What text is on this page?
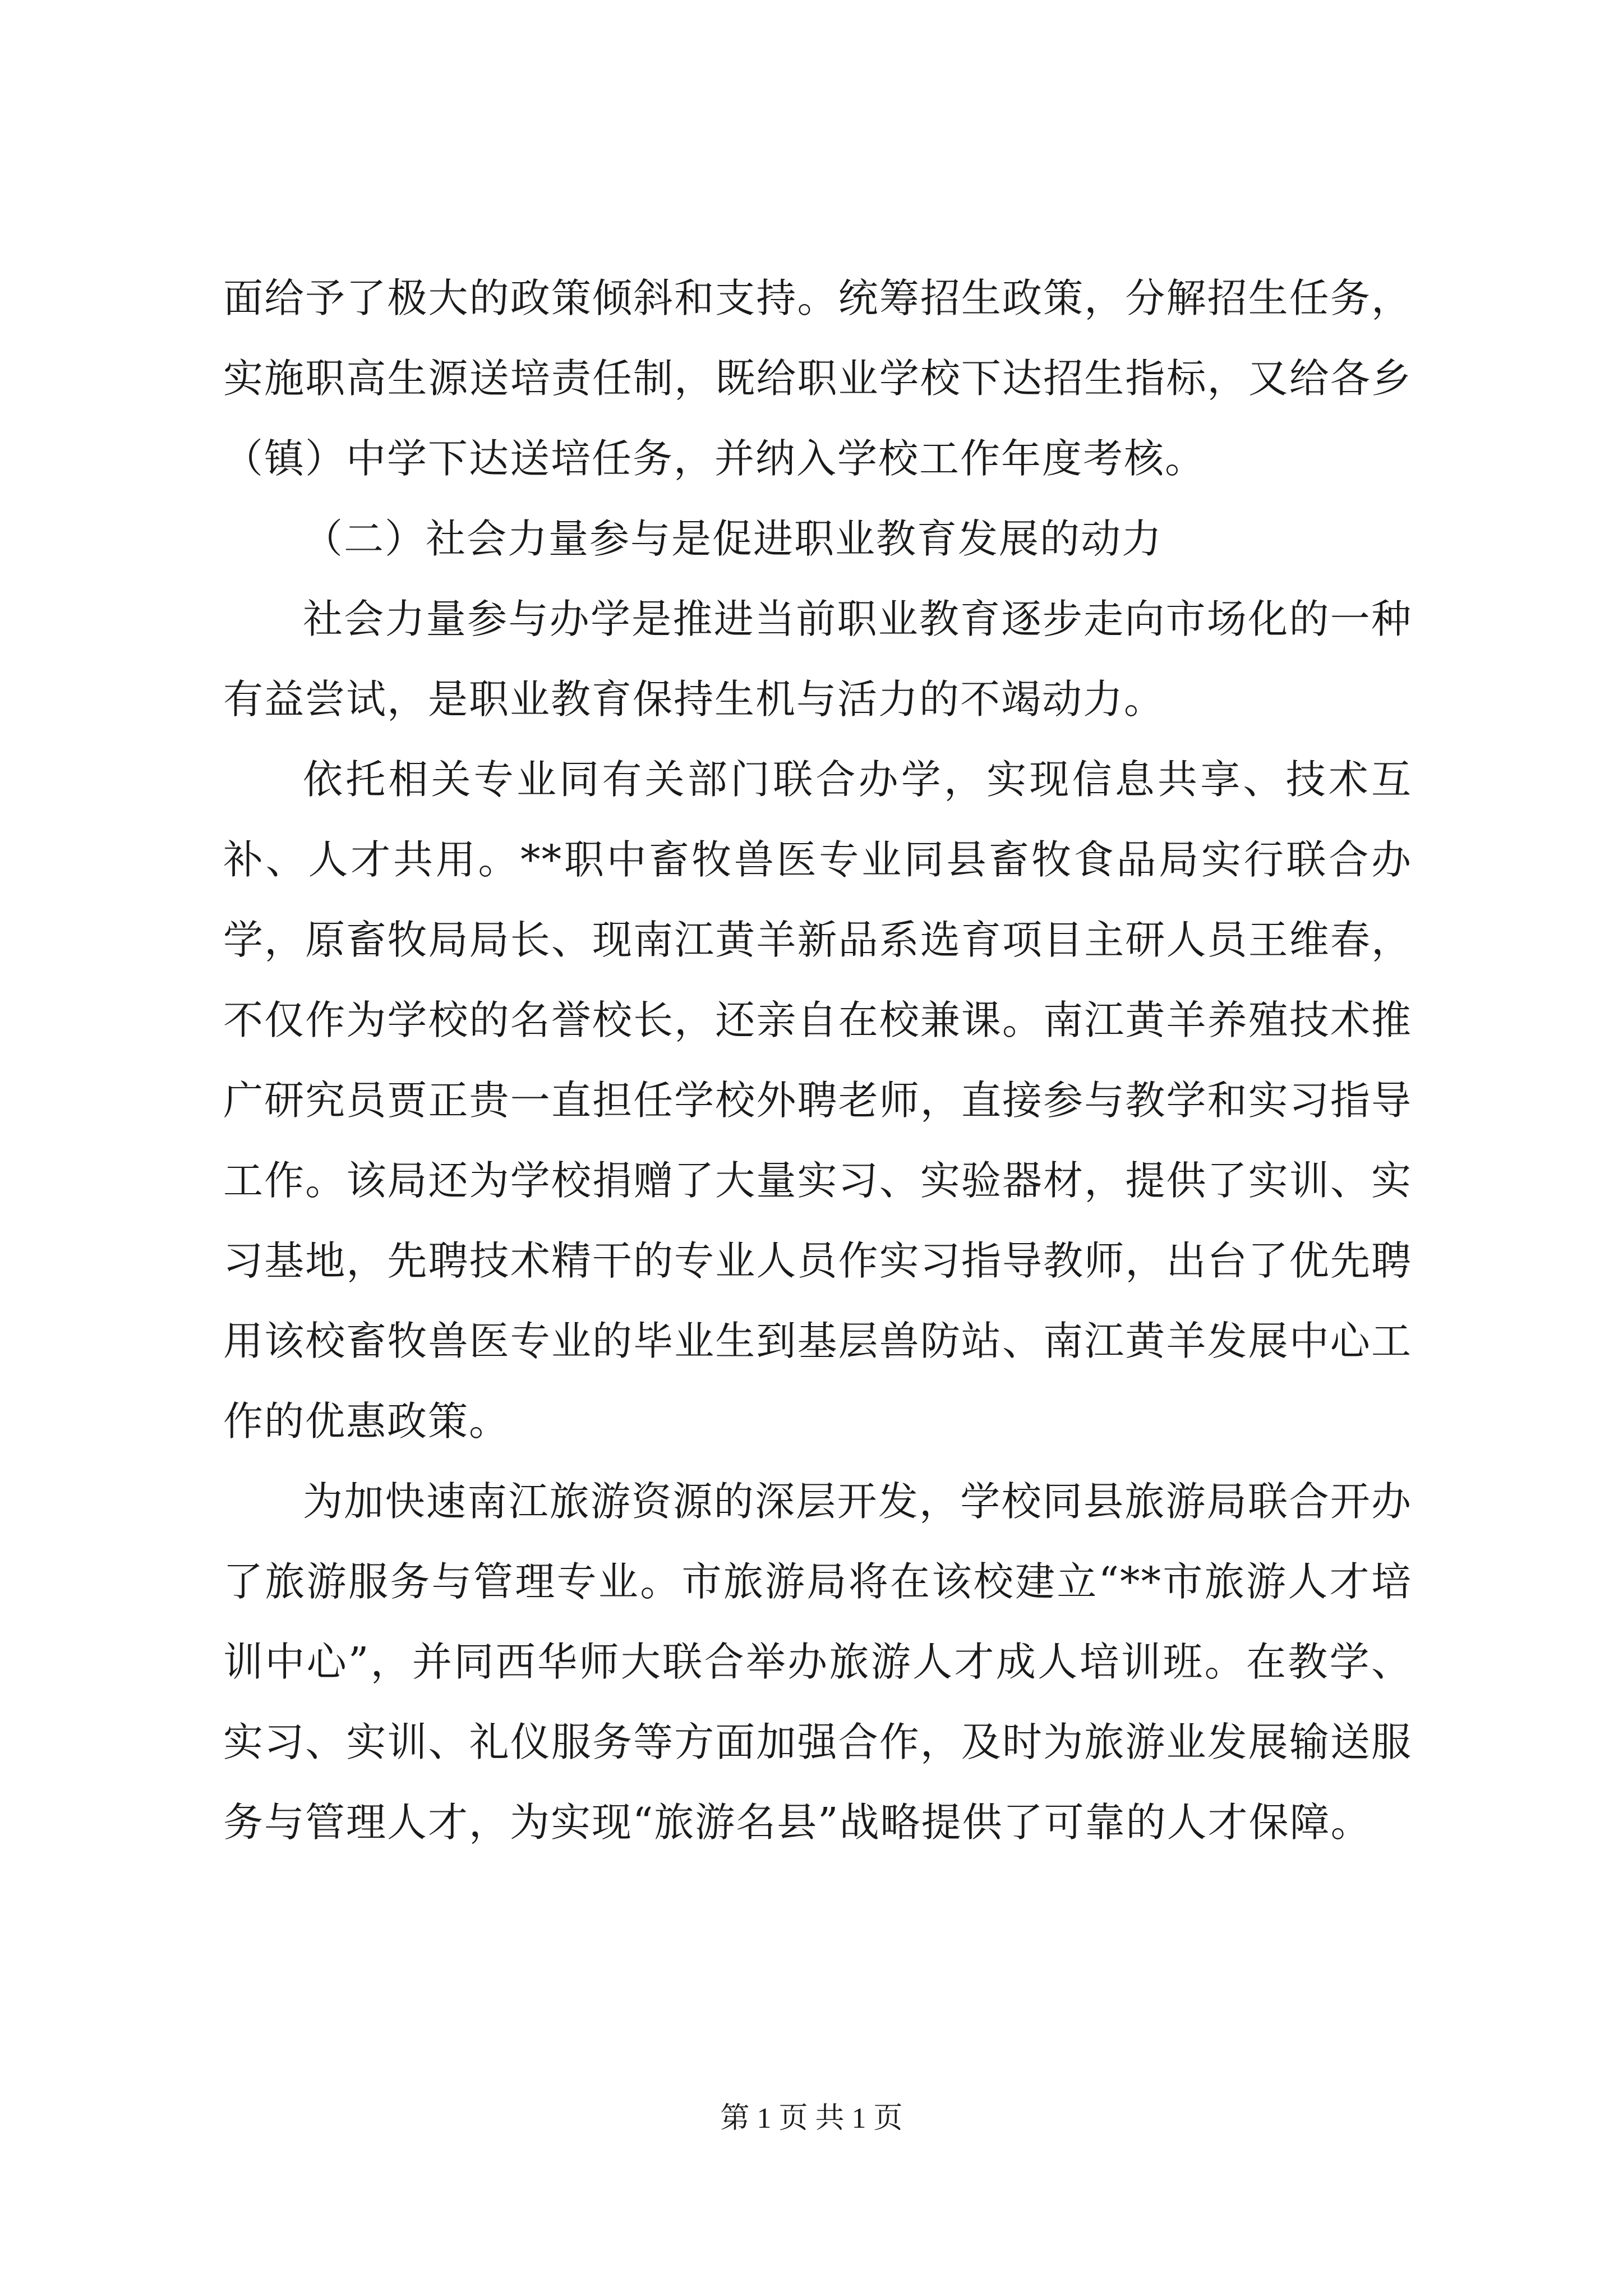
面给予了极大的政策倾斜和支持。统筹招生政策，分解招生任务，实施职高生源送培责任制，既给职业学校下达招生指标，又给各乡（镇）中学下达送培任务，并纳入学校工作年度考核。

（二）社会力量参与是促进职业教育发展的动力

社会力量参与办学是推进当前职业教育逐步走向市场化的一种有益尝试，是职业教育保持生机与活力的不竭动力。

依托相关专业同有关部门联合办学，实现信息共享、技术互补、人才共用。**职中畜牧兽医专业同县畜牧食品局实行联合办学，原畜牧局局长、现南江黄羊新品系选育项目主研人员王维春，不仅作为学校的名誉校长，还亲自在校兼课。南江黄羊养殖技术推广研究员贾正贵一直担任学校外聘老师，直接参与教学和实习指导工作。该局还为学校捐赠了大量实习、实验器材，提供了实训、实习基地，先聘技术精干的专业人员作实习指导教师，出台了优先聘用该校畜牧兽医专业的毕业生到基层兽防站、南江黄羊发展中心工作的优惠政策。

为加快速南江旅游资源的深层开发，学校同县旅游局联合开办了旅游服务与管理专业。市旅游局将在该校建立“**市旅游人才培训中心”，并同西华师大联合举办旅游人才成人培训班。在教学、实习、实训、礼仪服务等方面加强合作，及时为旅游业发展输送服务与管理人才，为实现“旅游名县”战略提供了可靠的人才保障。

第 1 页 共 1 页
